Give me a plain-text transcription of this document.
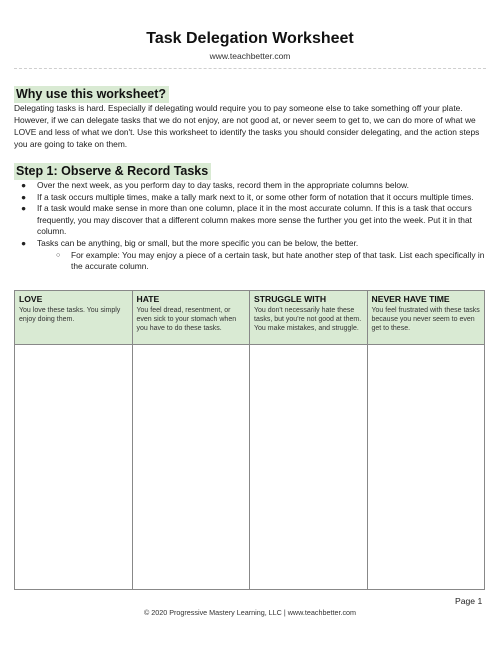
Task Delegation Worksheet
www.teachbetter.com
Why use this worksheet?

Delegating tasks is hard. Especially if delegating would require you to pay someone else to take something off your plate. However, if we can delegate tasks that we do not enjoy, are not good at, or never seem to get to, we can do more of what we LOVE and less of what we don't. Use this worksheet to identify the tasks you should consider delegating, and the action steps you are going to take on them.

Step 1: Observe & Record Tasks
● Over the next week, as you perform day to day tasks, record them in the appropriate columns below.
● If a task occurs multiple times, make a tally mark next to it, or some other form of notation that it occurs multiple times.
● If a task would make sense in more than one column, place it in the most accurate column. If this is a task that occurs frequently, you may discover that a different column makes more sense the further you get into the week. Put it in that column.
● Tasks can be anything, big or small, but the more specific you can be below, the better.
○ For example: You may enjoy a piece of a certain task, but hate another step of that task. List each specifically in the accurate column.
LOVE
You love these tasks. You simply enjoy doing them.
HATE
You feel dread, resentment, or even sick to your stomach when you have to do these tasks.
STRUGGLE WITH
You don't necessarily hate these tasks, but you're not good at them. You make mistakes, and struggle.
NEVER HAVE TIME
You feel frustrated with these tasks because you never seem to even get to these.
Page 1
© 2020 Progressive Mastery Learning, LLC | www.teachbetter.com
